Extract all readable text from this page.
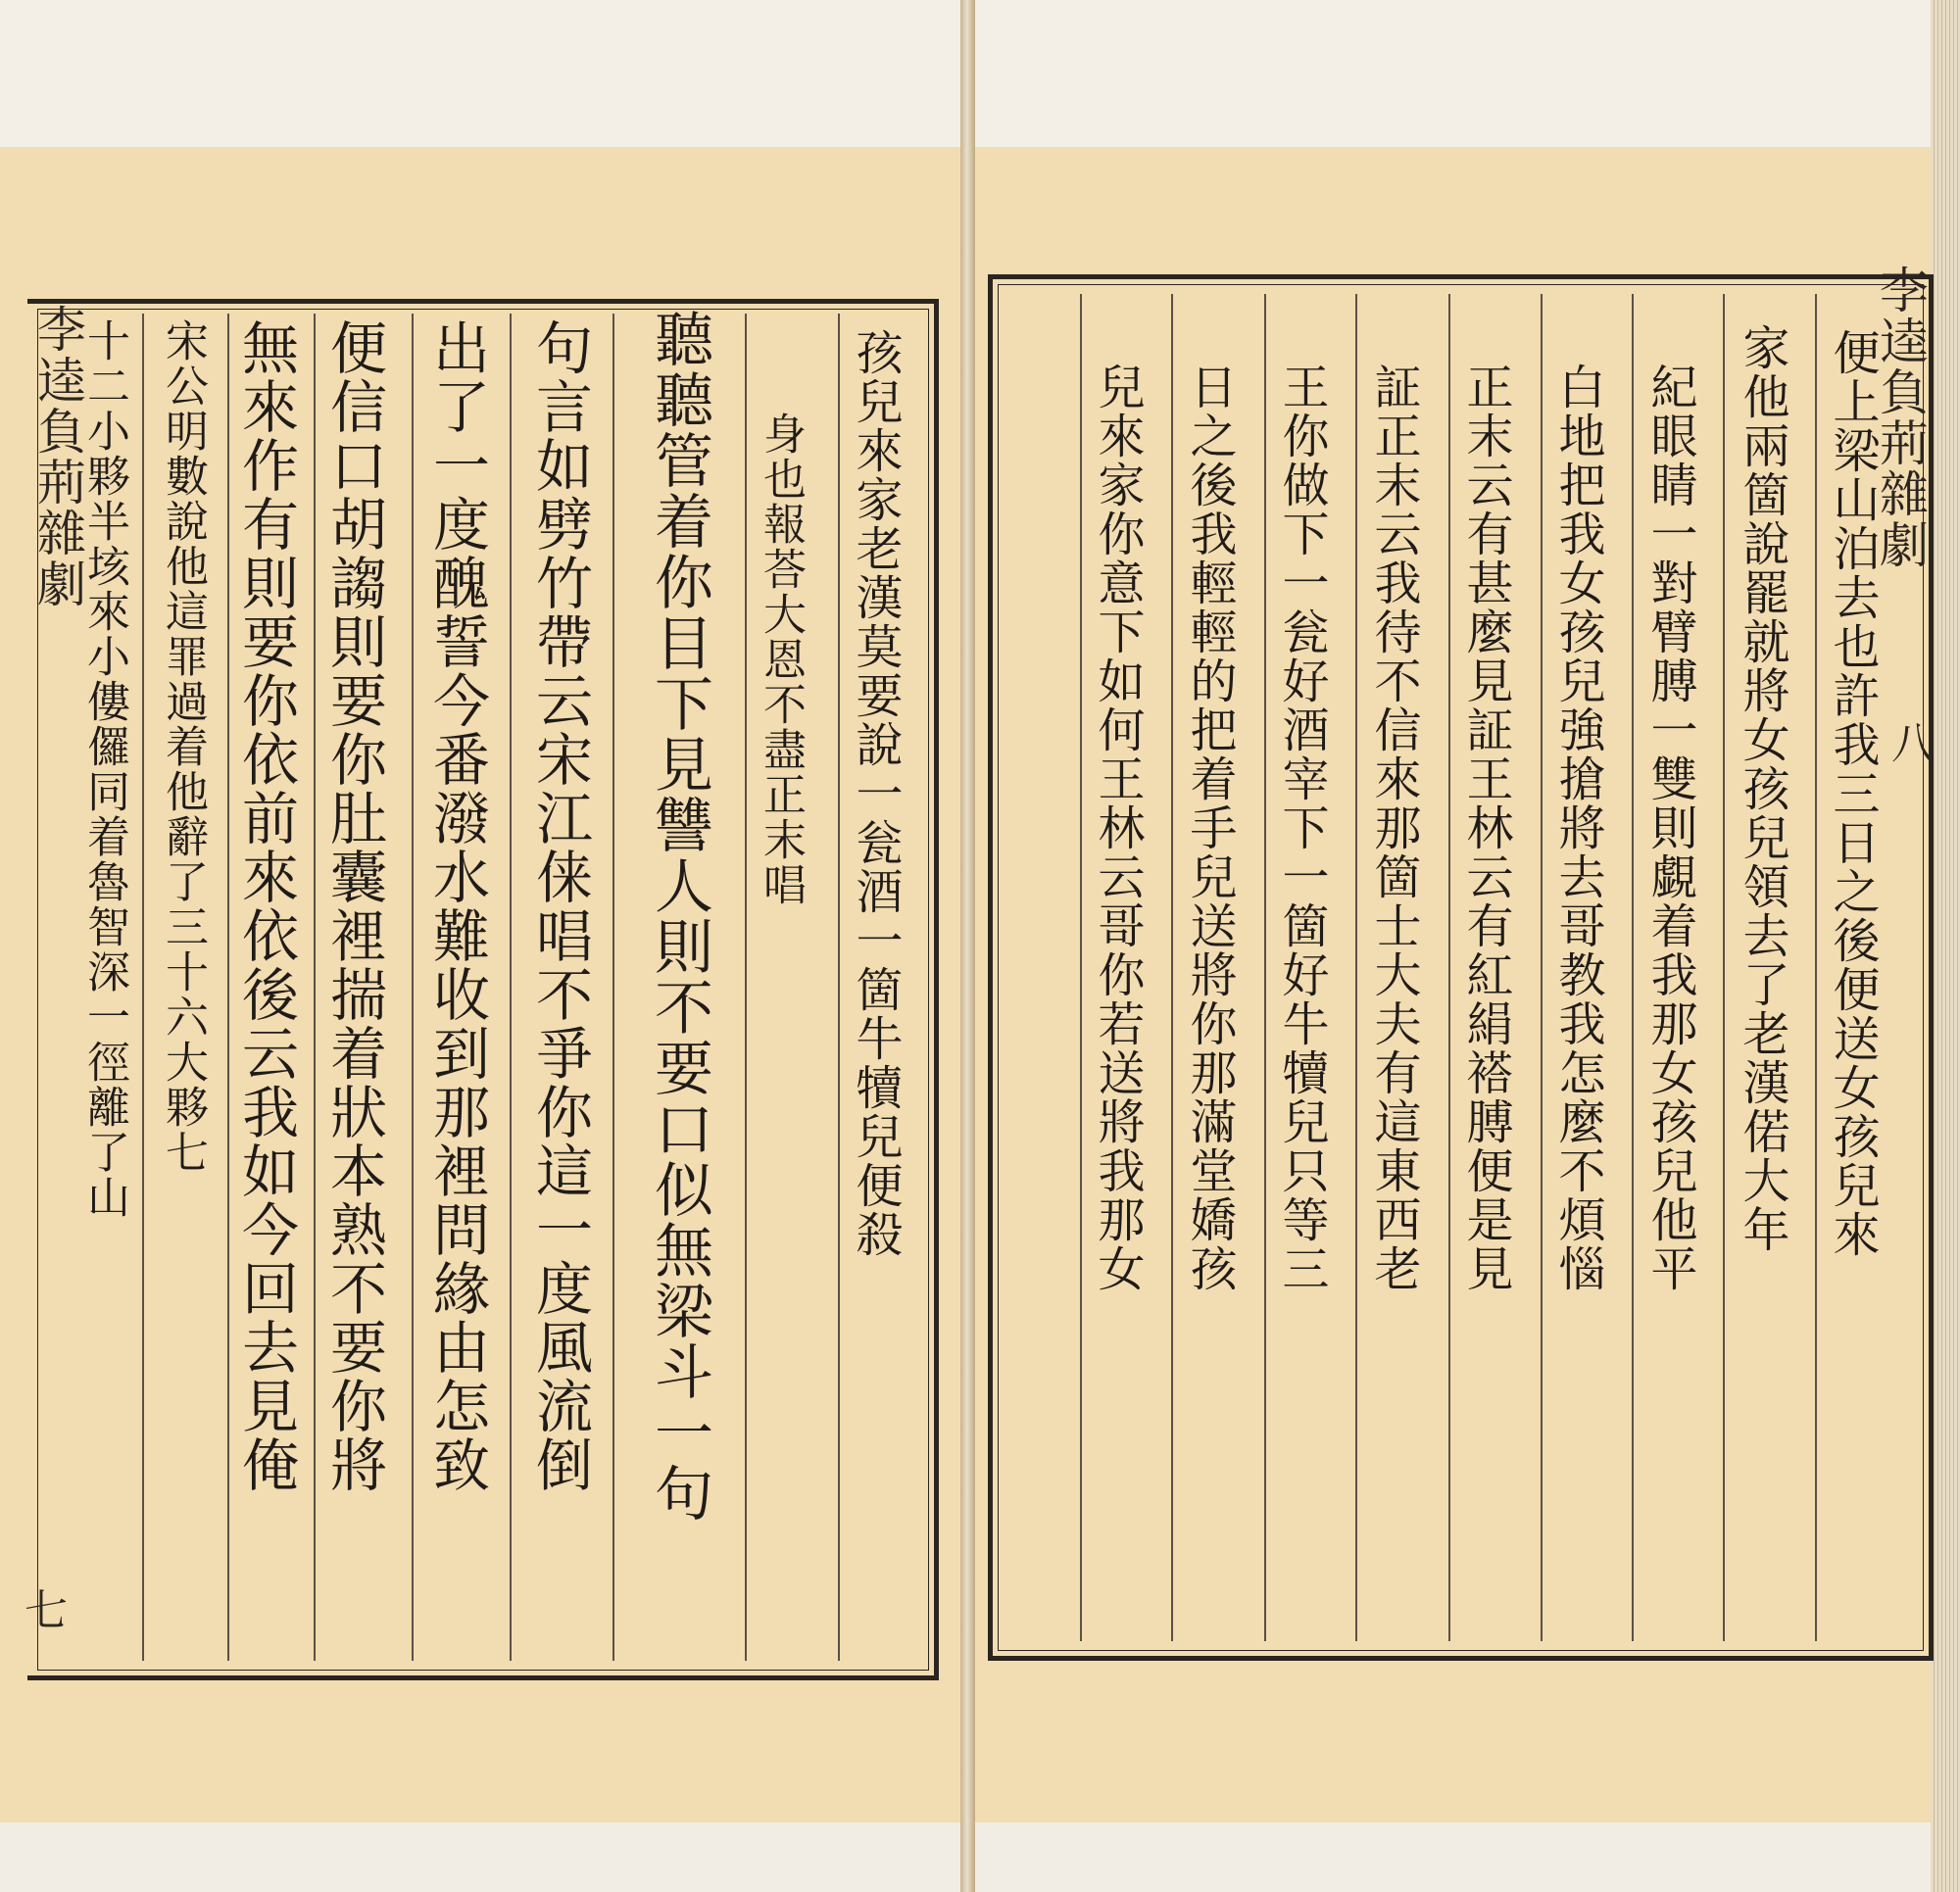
李逵負荊雜劇
七
孩兒來家老漢莫要說一瓮酒一箇牛犢兒便殺
身也報荅大恩不盡正末唱
聽聽管着你目下見讐人則不要口似無梁斗一句
句言如劈竹帶云宋江俫唱不爭你這一度風流倒
出了一度醜誓今番潑水難收到那裡問緣由怎致
便信口胡謅則要你肚囊裡揣着狀本熟不要你將
無來作有則要你依前來依後云我如今回去見俺
宋公明數說他這罪過着他辭了三十六大夥七
十二小夥半垓來小僂儸同着魯智深一徑離了山	李逵負荊雜劇
八
便上梁山泊去也許我三日之後便送女孩兒來
家他兩箇說罷就將女孩兒領去了老漢偌大年
紀眼睛一對臂膊一雙則覷着我那女孩兒他平
白地把我女孩兒強搶將去哥教我怎麼不煩惱
正末云有甚麼見証王林云有紅絹褡膊便是見
証正末云我待不信來那箇士大夫有這東西老
王你做下一瓮好酒宰下一箇好牛犢兒只等三
日之後我輕輕的把着手兒送將你那滿堂嬌孩
兒來家你意下如何王林云哥你若送將我那女
